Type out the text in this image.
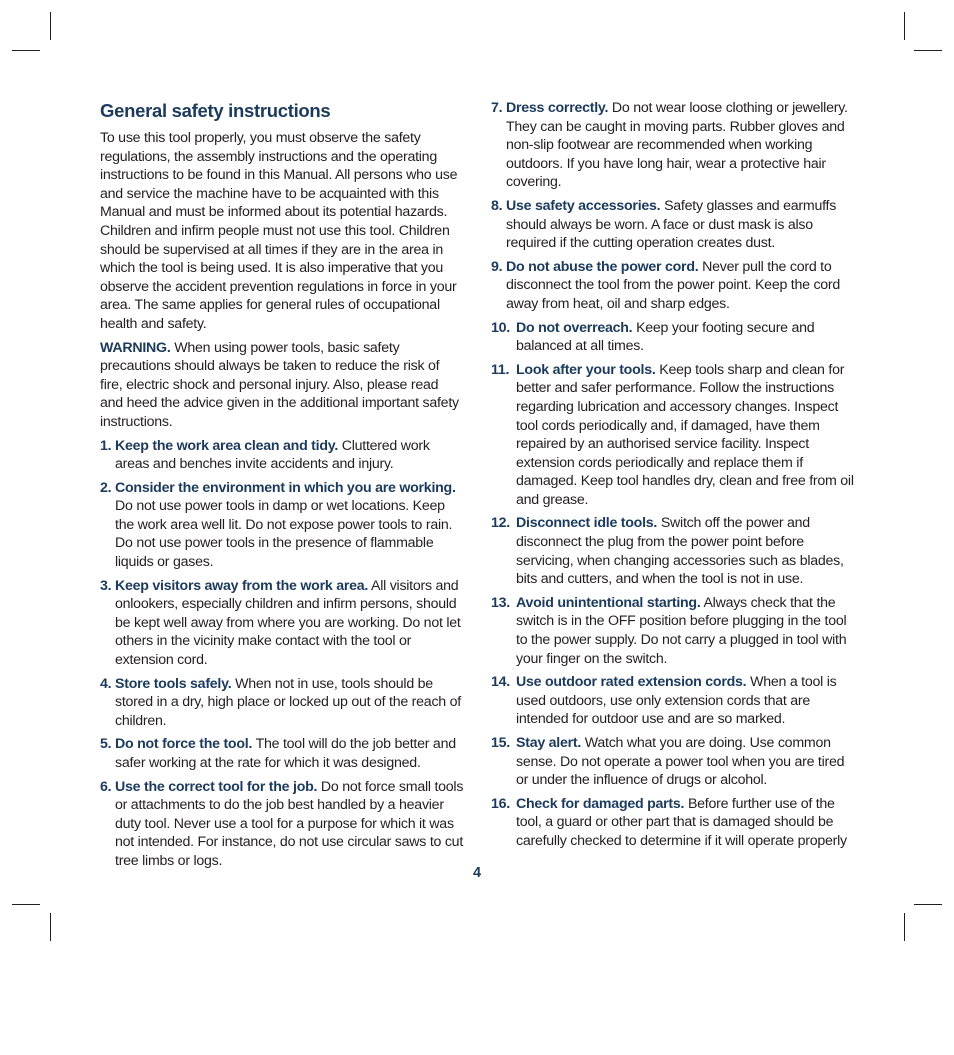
General safety instructions

To use this tool properly, you must observe the safety regulations, the assembly instructions and the operating instructions to be found in this Manual. All persons who use and service the machine have to be acquainted with this Manual and must be informed about its potential hazards. Children and infirm people must not use this tool. Children should be supervised at all times if they are in the area in which the tool is being used. It is also imperative that you observe the accident prevention regulations in force in your area. The same applies for general rules of occupational health and safety.

WARNING. When using power tools, basic safety precautions should always be taken to reduce the risk of fire, electric shock and personal injury. Also, please read and heed the advice given in the additional important safety instructions.

1. Keep the work area clean and tidy. Cluttered work areas and benches invite accidents and injury.
2. Consider the environment in which you are working. Do not use power tools in damp or wet locations. Keep the work area well lit. Do not expose power tools to rain. Do not use power tools in the presence of flammable liquids or gases.
3. Keep visitors away from the work area. All visitors and onlookers, especially children and infirm persons, should be kept well away from where you are working. Do not let others in the vicinity make contact with the tool or extension cord.
4. Store tools safely. When not in use, tools should be stored in a dry, high place or locked up out of the reach of children.
5. Do not force the tool. The tool will do the job better and safer working at the rate for which it was designed.
6. Use the correct tool for the job. Do not force small tools or attachments to do the job best handled by a heavier duty tool. Never use a tool for a purpose for which it was not intended. For instance, do not use circular saws to cut tree limbs or logs.
7. Dress correctly. Do not wear loose clothing or jewellery. They can be caught in moving parts. Rubber gloves and non-slip footwear are recommended when working outdoors. If you have long hair, wear a protective hair covering.
8. Use safety accessories. Safety glasses and earmuffs should always be worn. A face or dust mask is also required if the cutting operation creates dust.
9. Do not abuse the power cord. Never pull the cord to disconnect the tool from the power point. Keep the cord away from heat, oil and sharp edges.
10. Do not overreach. Keep your footing secure and balanced at all times.
11. Look after your tools. Keep tools sharp and clean for better and safer performance. Follow the instructions regarding lubrication and accessory changes. Inspect tool cords periodically and, if damaged, have them repaired by an authorised service facility. Inspect extension cords periodically and replace them if damaged. Keep tool handles dry, clean and free from oil and grease.
12. Disconnect idle tools. Switch off the power and disconnect the plug from the power point before servicing, when changing accessories such as blades, bits and cutters, and when the tool is not in use.
13. Avoid unintentional starting. Always check that the switch is in the OFF position before plugging in the tool to the power supply. Do not carry a plugged in tool with your finger on the switch.
14. Use outdoor rated extension cords. When a tool is used outdoors, use only extension cords that are intended for outdoor use and are so marked.
15. Stay alert. Watch what you are doing. Use common sense. Do not operate a power tool when you are tired or under the influence of drugs or alcohol.
16. Check for damaged parts. Before further use of the tool, a guard or other part that is damaged should be carefully checked to determine if it will operate properly
4
